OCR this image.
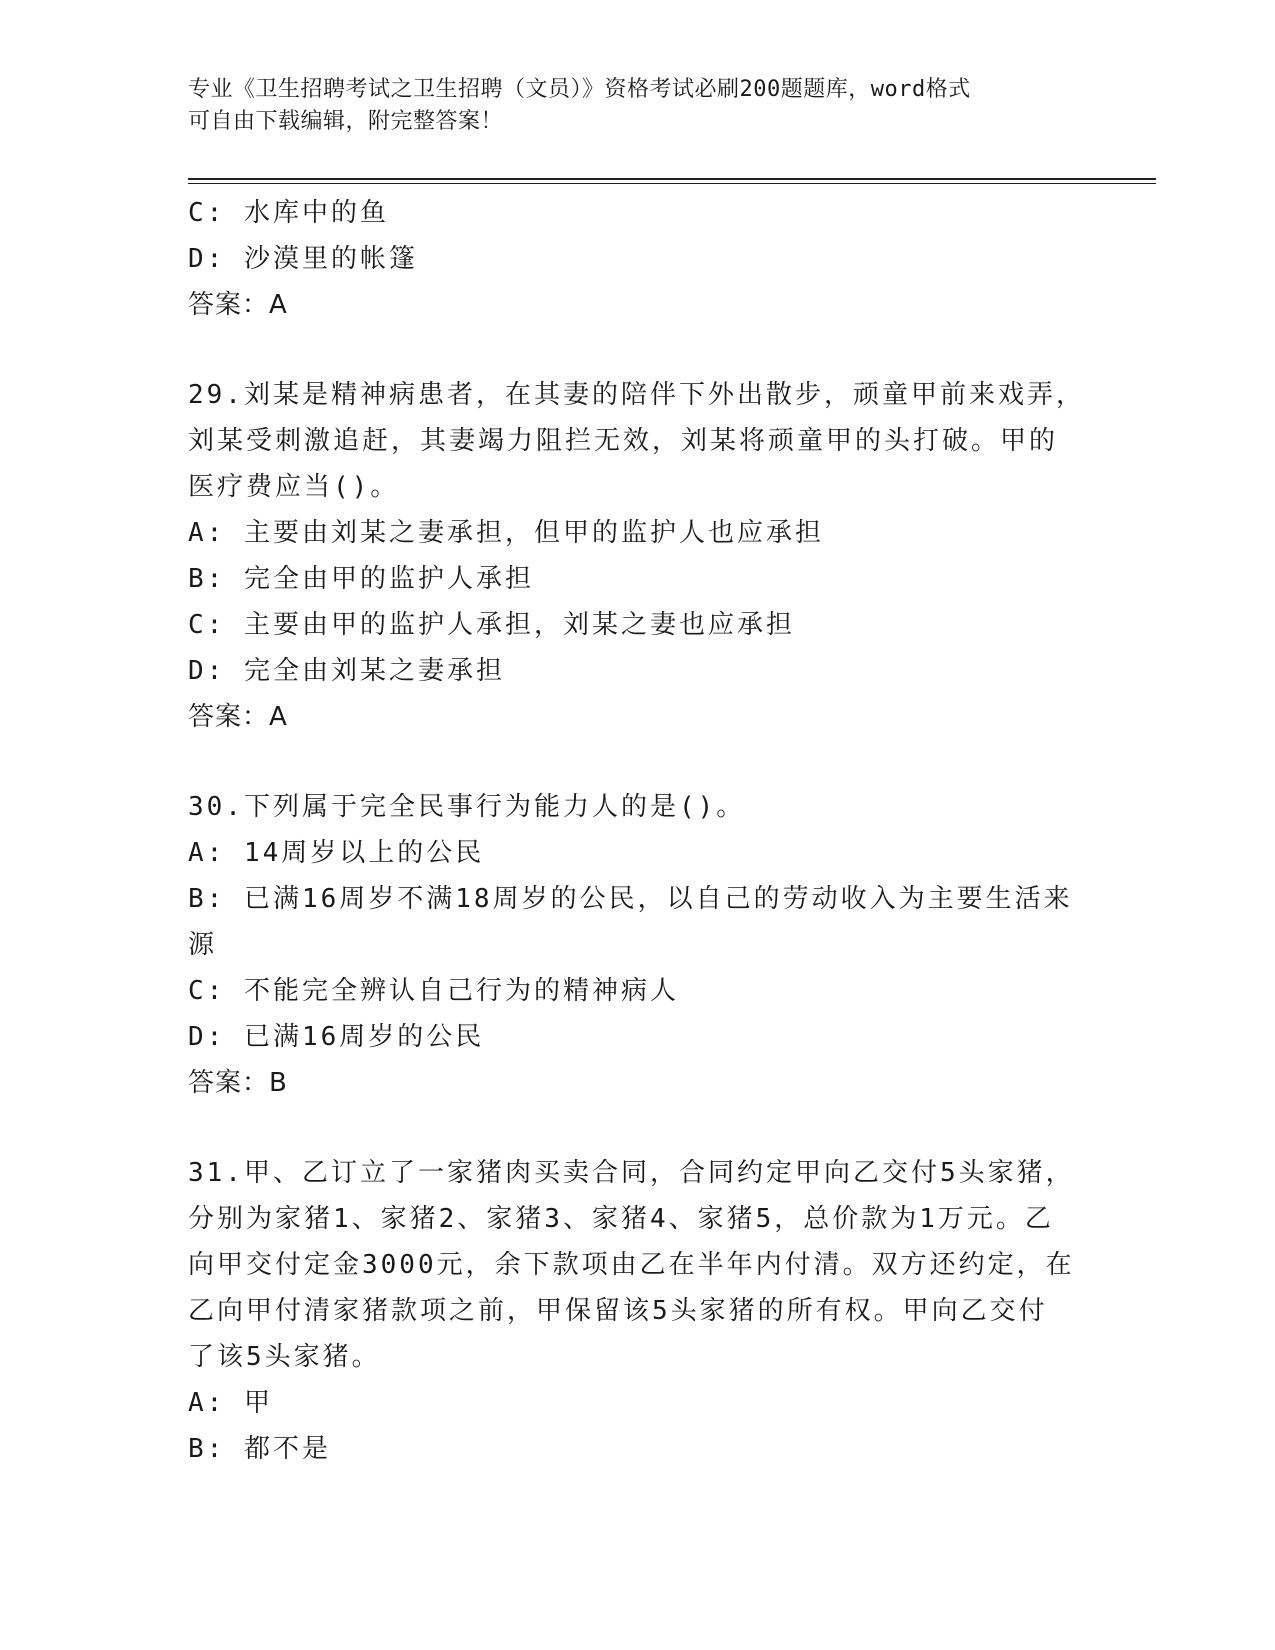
专业《卫生招聘考试之卫生招聘（文员）》资格考试必刷200题题库，word格式
可自由下载编辑，附完整答案！
C: 水库中的鱼
D: 沙漠里的帐篷
答案：A
29.刘某是精神病患者，在其妻的陪伴下外出散步，顽童甲前来戏弄，
刘某受刺激追赶，其妻竭力阻拦无效，刘某将顽童甲的头打破。甲的
医疗费应当()。
A: 主要由刘某之妻承担，但甲的监护人也应承担
B: 完全由甲的监护人承担
C: 主要由甲的监护人承担，刘某之妻也应承担
D: 完全由刘某之妻承担
答案：A
30.下列属于完全民事行为能力人的是()。
A: 14周岁以上的公民
B: 已满16周岁不满18周岁的公民，以自己的劳动收入为主要生活来
源
C: 不能完全辨认自己行为的精神病人
D: 已满16周岁的公民
答案：B
31.甲、乙订立了一家猪肉买卖合同，合同约定甲向乙交付5头家猪，
分别为家猪1、家猪2、家猪3、家猪4、家猪5，总价款为1万元。乙
向甲交付定金3000元，余下款项由乙在半年内付清。双方还约定，在
乙向甲付清家猪款项之前，甲保留该5头家猪的所有权。甲向乙交付
了该5头家猪。
A: 甲
B: 都不是
